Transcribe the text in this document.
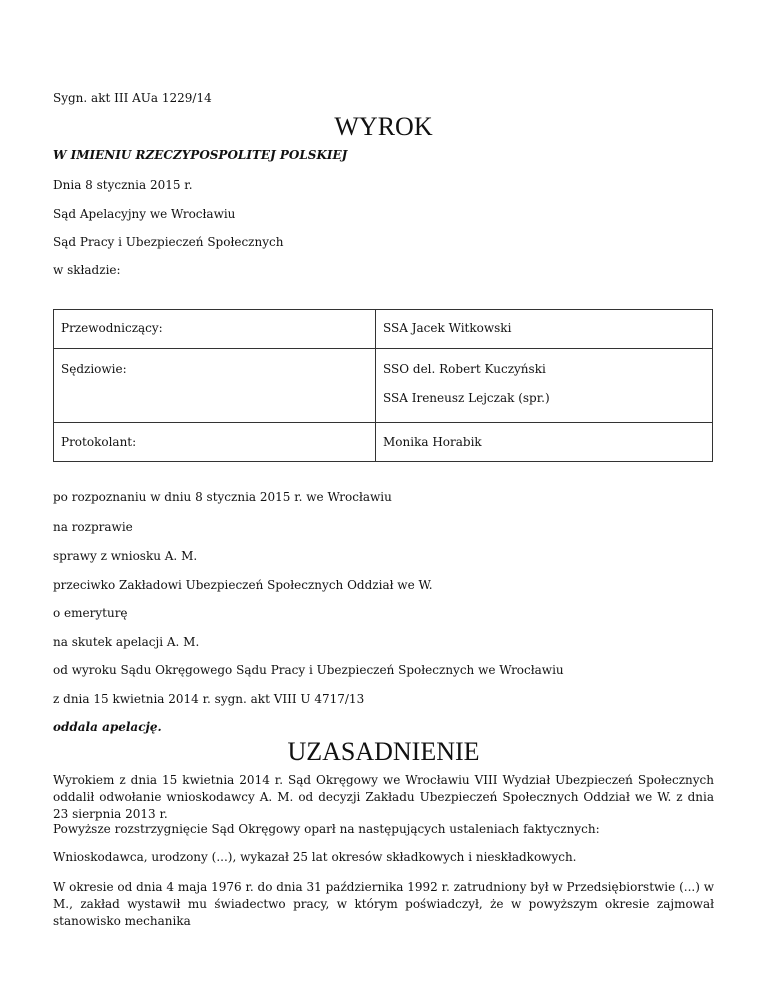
Sygn. akt III AUa 1229/14
WYROK
W IMIENIU RZECZYPOSPOLITEJ POLSKIEJ
Dnia 8 stycznia 2015 r.
Sąd Apelacyjny we Wrocławiu
Sąd Pracy i Ubezpieczeń Społecznych
w składzie:
Przewodniczący:	SSA Jacek Witkowski

Sędziowie:	SSO del. Robert Kuczyński
SSA Ireneusz Lejczak (spr.)

Protokolant:	Monika Horabik
po rozpoznaniu w dniu 8 stycznia 2015 r. we Wrocławiu
na rozprawie
sprawy z wniosku A. M.
przeciwko Zakładowi Ubezpieczeń Społecznych Oddział we W.
o emeryturę
na skutek apelacji A. M.
od wyroku Sądu Okręgowego Sądu Pracy i Ubezpieczeń Społecznych we Wrocławiu
z dnia 15 kwietnia 2014 r. sygn. akt VIII U 4717/13
oddala apelację.
UZASADNIENIE
Wyrokiem z dnia 15 kwietnia 2014 r. Sąd Okręgowy we Wrocławiu VIII Wydział Ubezpieczeń Społecznych oddalił odwołanie wnioskodawcy A. M. od decyzji Zakładu Ubezpieczeń Społecznych Oddział we W. z dnia 23 sierpnia 2013 r.
Powyższe rozstrzygnięcie Sąd Okręgowy oparł na następujących ustaleniach faktycznych:
Wnioskodawca, urodzony (...), wykazał 25 lat okresów składkowych i nieskładkowych.
W okresie od dnia 4 maja 1976 r. do dnia 31 października 1992 r. zatrudniony był w Przedsiębiorstwie (...) w M., zakład wystawił mu świadectwo pracy, w którym poświadczył, że w powyższym okresie zajmował stanowisko mechanika
